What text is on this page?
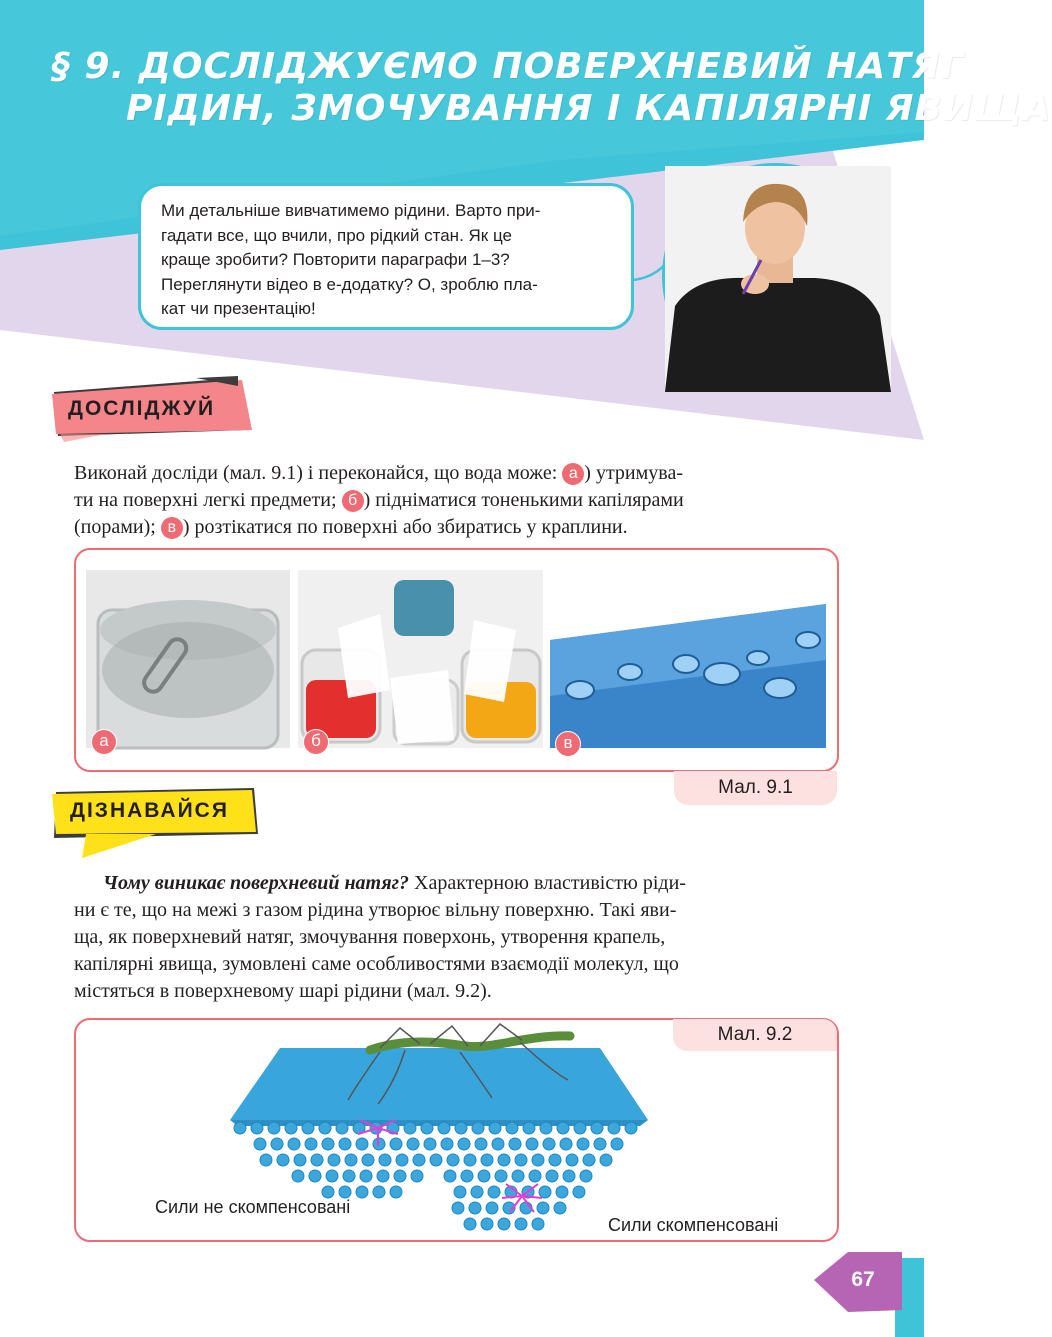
§ 9. ДОСЛІДЖУЄМО ПОВЕРХНЕВИЙ НАТЯГ
РІДИН, ЗМОЧУВАННЯ І КАПІЛЯРНІ ЯВИЩА

Ми детальніше вивчатимемо рідини. Варто при-

гадати все, що вчили, про рідкий стан. Як це

краще зробити? Повторити параграфи 1–3?

Переглянути відео в е-додатку? О, зроблю пла-

кат чи презентацію!

ДОСЛІДЖУЙ

Виконай досліди (мал. 9.1) і переконайся, що вода може: а ) утримува-

ти на поверхні легкі предмети; б ) підніматися тоненькими капілярами

(порами); в ) розтікатися по поверхні або збиратись у краплини.

а	б	в
Мал. 9.1
ДІЗНАВАЙСЯ

Чому виникає поверхневий натяг? Характерною властивістю ріди-

ни є те, що на межі з газом рідина утворює вільну поверхню. Такі яви-

ща, як поверхневий натяг, змочування поверхонь, утворення крапель,

капілярні явища, зумовлені саме особливостями взаємодії молекул, що

містяться в поверхневому шарі рідини (мал. 9.2).

Мал. 9.2
Сили не скомпенсовані
Сили скомпенсовані
67
